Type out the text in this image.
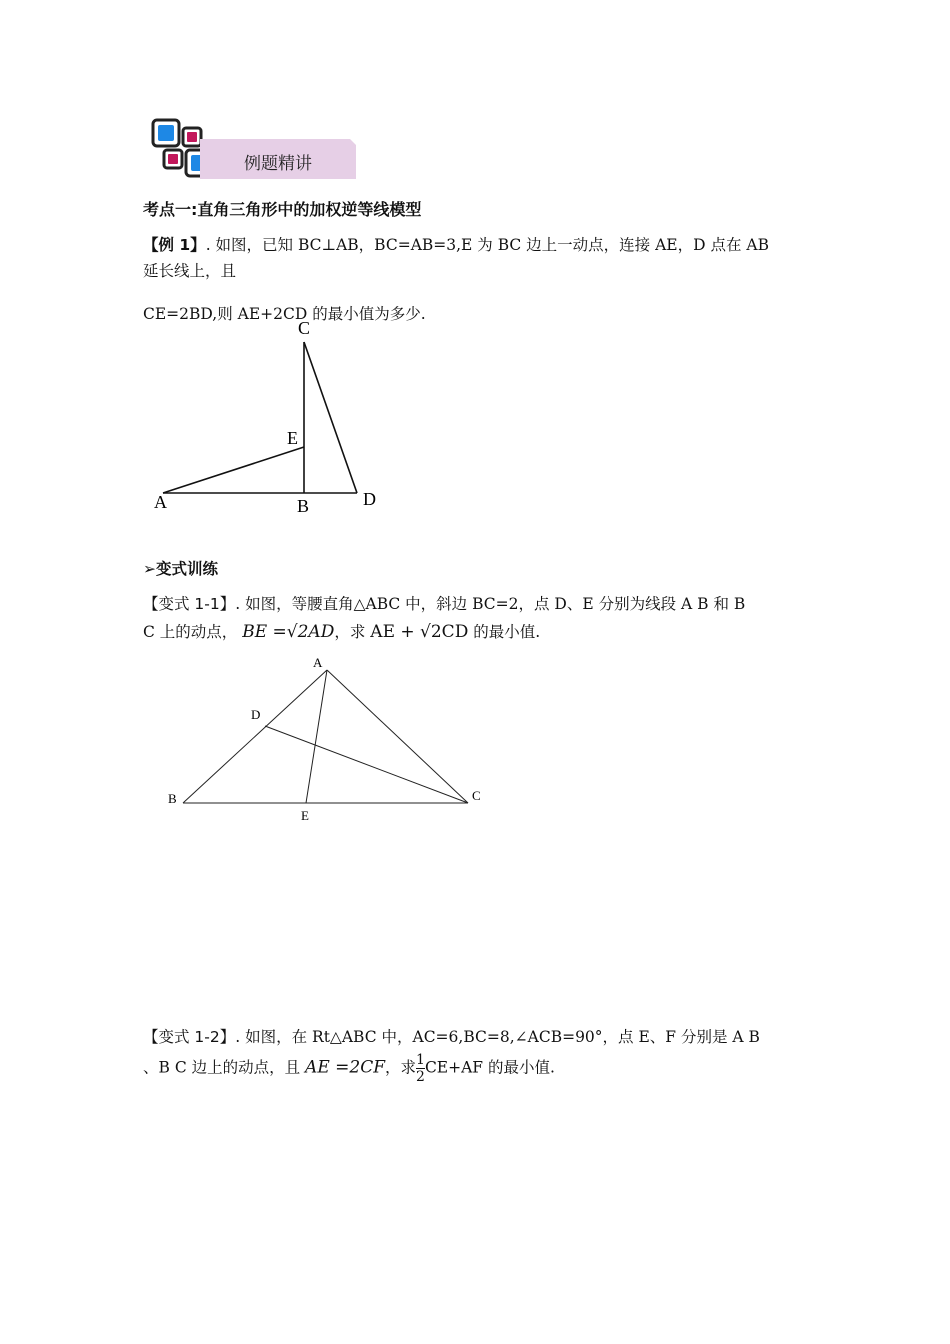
例题精讲
考点一:直角三角形中的加权逆等线模型
【例 1】. 如图，已知 BC⊥AB，BC=AB=3,E 为 BC 边上一动点，连接 AE，D 点在 AB
延长线上，且
CE=2BD,则 AE+2CD 的最小值为多少.
C
E
A	B	D
➢变式训练
【变式 1-1】. 如图，等腰直角△ABC 中，斜边 BC=2，点 D、E 分别为线段 A B 和 B
C 上的动点， BE =√2AD，求 AE + √2CD 的最小值.
A
D
B
E
C
【变式 1-2】. 如图，在 Rt△ABC 中，AC=6,BC=8,∠ACB=90°，点 E、F 分别是 A B
、B C 边上的动点，且 AE =2CF，求 $\frac{1}{2} CE+AF$ 的最小值.
